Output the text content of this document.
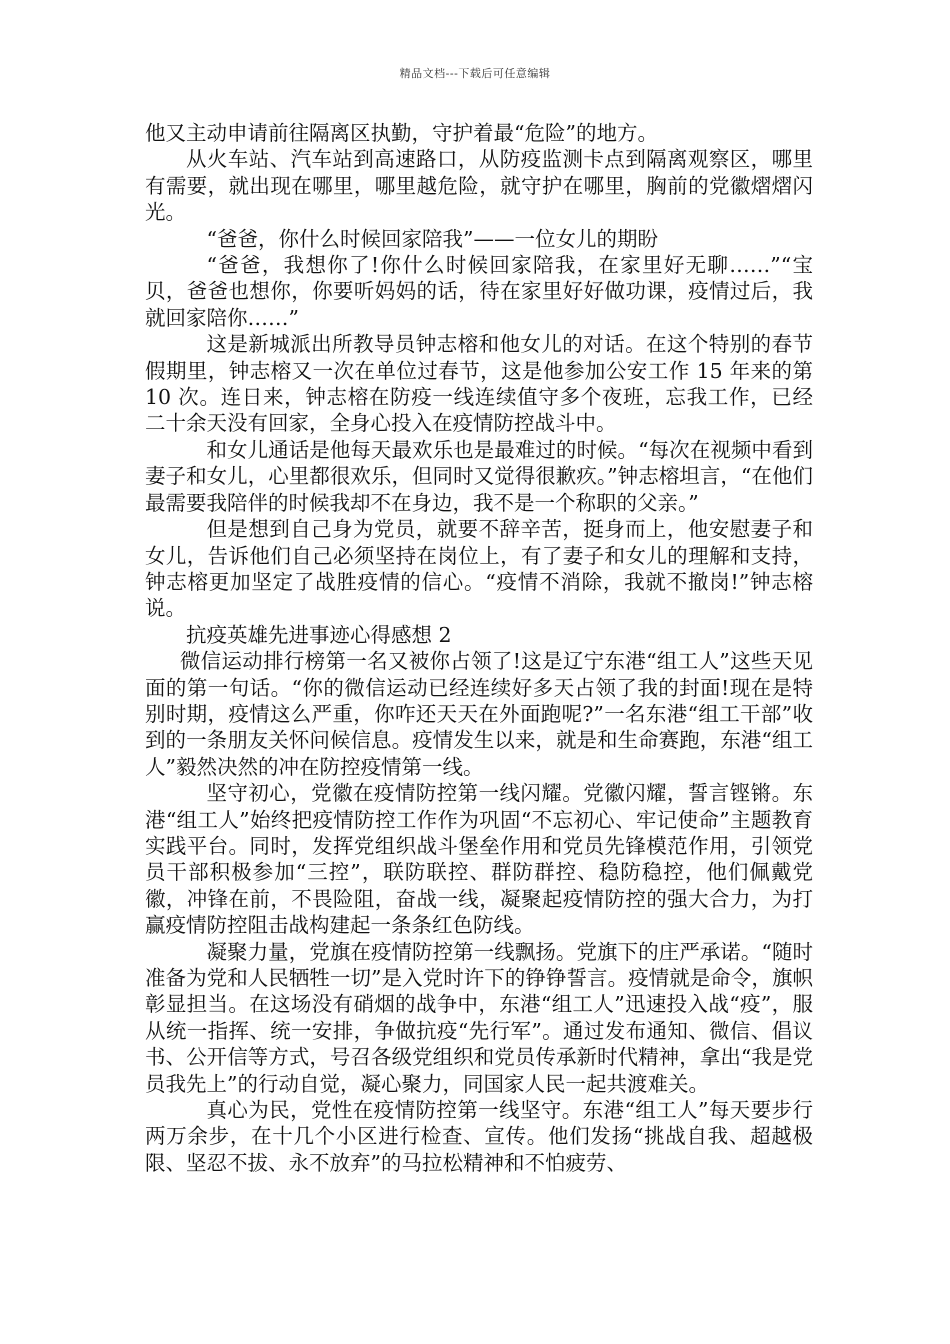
精品文档---下载后可任意编辑

他又主动申请前往隔离区执勤，守护着最“危险”的地方。

从火车站、汽车站到高速路口，从防疫监测卡点到隔离观察区，哪里有需要，就出现在哪里，哪里越危险，就守护在哪里，胸前的党徽熠熠闪光。

“爸爸，你什么时候回家陪我”——一位女儿的期盼

“爸爸，我想你了!你什么时候回家陪我，在家里好无聊……”“宝贝，爸爸也想你，你要听妈妈的话，待在家里好好做功课，疫情过后，我就回家陪你……”

这是新城派出所教导员钟志榕和他女儿的对话。在这个特别的春节假期里，钟志榕又一次在单位过春节，这是他参加公安工作 15 年来的第 10 次。连日来，钟志榕在防疫一线连续值守多个夜班，忘我工作，已经二十余天没有回家，全身心投入在疫情防控战斗中。

和女儿通话是他每天最欢乐也是最难过的时候。“每次在视频中看到妻子和女儿，心里都很欢乐，但同时又觉得很歉疚。”钟志榕坦言，“在他们最需要我陪伴的时候我却不在身边，我不是一个称职的父亲。”

但是想到自己身为党员，就要不辞辛苦，挺身而上，他安慰妻子和女儿，告诉他们自己必须坚持在岗位上，有了妻子和女儿的理解和支持，钟志榕更加坚定了战胜疫情的信心。“疫情不消除，我就不撤岗!”钟志榕说。

抗疫英雄先进事迹心得感想 2

微信运动排行榜第一名又被你占领了!这是辽宁东港“组工人”这些天见面的第一句话。“你的微信运动已经连续好多天占领了我的封面!现在是特别时期，疫情这么严重，你咋还天天在外面跑呢?”一名东港“组工干部”收到的一条朋友关怀问候信息。疫情发生以来，就是和生命赛跑，东港“组工人”毅然决然的冲在防控疫情第一线。

坚守初心，党徽在疫情防控第一线闪耀。党徽闪耀，誓言铿锵。东港“组工人”始终把疫情防控工作作为巩固“不忘初心、牢记使命”主题教育实践平台。同时，发挥党组织战斗堡垒作用和党员先锋模范作用，引领党员干部积极参加“三控”，联防联控、群防群控、稳防稳控，他们佩戴党徽，冲锋在前，不畏险阻，奋战一线，凝聚起疫情防控的强大合力，为打赢疫情防控阻击战构建起一条条红色防线。

凝聚力量，党旗在疫情防控第一线飘扬。党旗下的庄严承诺。“随时准备为党和人民牺牲一切”是入党时许下的铮铮誓言。疫情就是命令，旗帜彰显担当。在这场没有硝烟的战争中，东港“组工人”迅速投入战“疫”，服从统一指挥、统一安排，争做抗疫“先行军”。通过发布通知、微信、倡议书、公开信等方式，号召各级党组织和党员传承新时代精神，拿出“我是党员我先上”的行动自觉，凝心聚力，同国家人民一起共渡难关。

真心为民，党性在疫情防控第一线坚守。东港“组工人”每天要步行两万余步，在十几个小区进行检查、宣传。他们发扬“挑战自我、超越极限、坚忍不拔、永不放弃”的马拉松精神和不怕疲劳、
